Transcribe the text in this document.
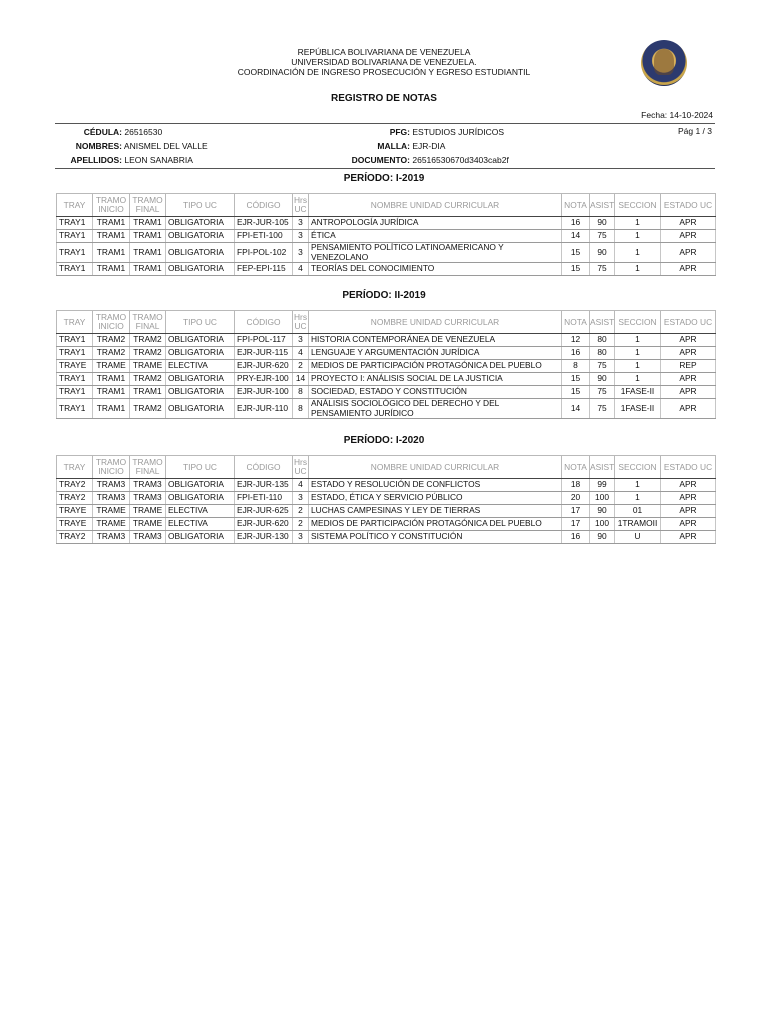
REPÚBLICA BOLIVARIANA DE VENEZUELA
UNIVERSIDAD BOLIVARIANA DE VENEZUELA.
COORDINACIÓN DE INGRESO PROSECUCIÓN Y EGRESO ESTUDIANTIL
REGISTRO DE NOTAS
Fecha: 14-10-2024
CÉDULA: 26516530
NOMBRES: ANISMEL DEL VALLE
APELLIDOS: LEON SANABRIA
PFG: ESTUDIOS JURÍDICOS
MALLA: EJR-DIA
DOCUMENTO: 26516530670d3403cab2f
Pág 1 / 3
PERÍODO: I-2019
TRAY	TRAMO INICIO	TRAMO FINAL	TIPO UC	CÓDIGO	Hrs UC	NOMBRE UNIDAD CURRICULAR	NOTA	ASIST	SECCION	ESTADO UC
TRAY1	TRAM1	TRAM1	OBLIGATORIA	EJR-JUR-105	3	ANTROPOLOGÍA JURÍDICA	16	90	1	APR
TRAY1	TRAM1	TRAM1	OBLIGATORIA	FPI-ETI-100	3	ÉTICA	14	75	1	APR
TRAY1	TRAM1	TRAM1	OBLIGATORIA	FPI-POL-102	3	PENSAMIENTO POLÍTICO LATINOAMERICANO Y VENEZOLANO	15	90	1	APR
TRAY1	TRAM1	TRAM1	OBLIGATORIA	FEP-EPI-115	4	TEORÍAS DEL CONOCIMIENTO	15	75	1	APR
PERÍODO: II-2019
TRAY	TRAMO INICIO	TRAMO FINAL	TIPO UC	CÓDIGO	Hrs UC	NOMBRE UNIDAD CURRICULAR	NOTA	ASIST	SECCION	ESTADO UC
TRAY1	TRAM2	TRAM2	OBLIGATORIA	FPI-POL-117	3	HISTORIA CONTEMPORÁNEA DE VENEZUELA	12	80	1	APR
TRAY1	TRAM2	TRAM2	OBLIGATORIA	EJR-JUR-115	4	LENGUAJE Y ARGUMENTACIÓN JURÍDICA	16	80	1	APR
TRAYE	TRAME	TRAME	ELECTIVA	EJR-JUR-620	2	MEDIOS DE PARTICIPACIÓN PROTAGÓNICA DEL PUEBLO	8	75	1	REP
TRAY1	TRAM1	TRAM2	OBLIGATORIA	PRY-EJR-100	14	PROYECTO I: ANÁLISIS SOCIAL DE LA JUSTICIA	15	90	1	APR
TRAY1	TRAM1	TRAM1	OBLIGATORIA	EJR-JUR-100	8	SOCIEDAD, ESTADO Y CONSTITUCIÓN	15	75	1FASE-II	APR
TRAY1	TRAM1	TRAM2	OBLIGATORIA	EJR-JUR-110	8	ANÁLISIS SOCIOLÓGICO DEL DERECHO Y DEL PENSAMIENTO JURÍDICO	14	75	1FASE-II	APR
PERÍODO: I-2020
TRAY	TRAMO INICIO	TRAMO FINAL	TIPO UC	CÓDIGO	Hrs UC	NOMBRE UNIDAD CURRICULAR	NOTA	ASIST	SECCION	ESTADO UC
TRAY2	TRAM3	TRAM3	OBLIGATORIA	EJR-JUR-135	4	ESTADO Y RESOLUCIÓN DE CONFLICTOS	18	99	1	APR
TRAY2	TRAM3	TRAM3	OBLIGATORIA	FPI-ETI-110	3	ESTADO, ÉTICA Y SERVICIO PÚBLICO	20	100	1	APR
TRAYE	TRAME	TRAME	ELECTIVA	EJR-JUR-625	2	LUCHAS CAMPESINAS Y LEY DE TIERRAS	17	90	01	APR
TRAYE	TRAME	TRAME	ELECTIVA	EJR-JUR-620	2	MEDIOS DE PARTICIPACIÓN PROTAGÓNICA DEL PUEBLO	17	100	1TRAMOII	APR
TRAY2	TRAM3	TRAM3	OBLIGATORIA	EJR-JUR-130	3	SISTEMA POLÍTICO Y CONSTITUCIÓN	16	90	U	APR
